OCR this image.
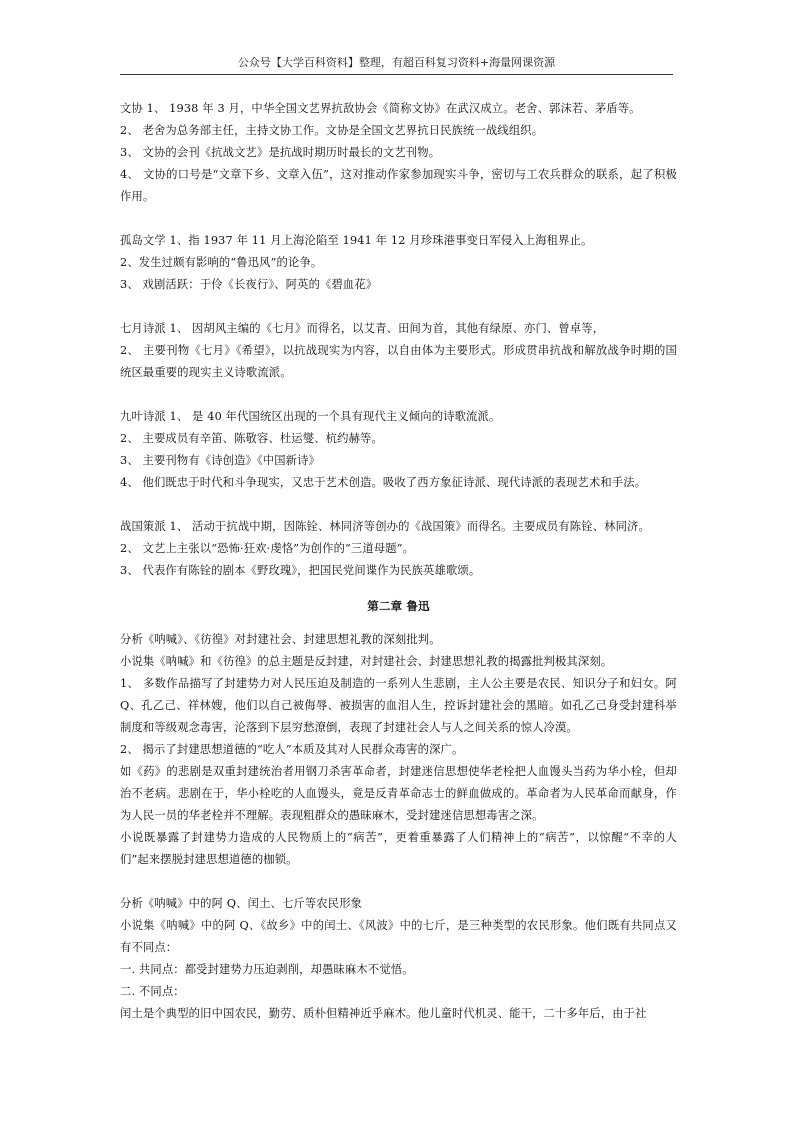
公众号【大学百科资料】整理，有超百科复习资料+海量网课资源

文协 1、 1938 年 3 月，中华全国文艺界抗敌协会《简称文协》在武汉成立。老舍、郭沫若、茅盾等。

2、 老舍为总务部主任，主持文协工作。文协是全国文艺界抗日民族统一战线组织。

3、 文协的会刊《抗战文艺》是抗战时期历时最长的文艺刊物。

4、 文协的口号是“文章下乡、文章入伍”，这对推动作家参加现实斗争，密切与工农兵群众的联系，起了积极作用。

孤岛文学 1、指 1937 年 11 月上海沦陷至 1941 年 12 月珍珠港事变日军侵入上海租界止。

2、发生过颇有影响的“鲁迅风”的论争。

3、 戏剧活跃：于伶《长夜行》、阿英的《碧血花》

七月诗派 1、 因胡风主编的《七月》而得名，以艾青、田间为首，其他有绿原、亦门、曾卓等，

2、 主要刊物《七月》《希望》，以抗战现实为内容，以自由体为主要形式。形成贯串抗战和解放战争时期的国统区最重要的现实主义诗歌流派。

九叶诗派 1、 是 40 年代国统区出现的一个具有现代主义倾向的诗歌流派。

2、 主要成员有辛笛、陈敬容、杜运燮、杭约赫等。

3、 主要刊物有《诗创造》《中国新诗》

4、 他们既忠于时代和斗争现实，又忠于艺术创造。吸收了西方象征诗派、现代诗派的表现艺术和手法。

战国策派 1、 活动于抗战中期，因陈铨、林同济等创办的《战国策》而得名。主要成员有陈铨、林同济。

2、 文艺上主张以“恐怖·狂欢·虔恪”为创作的“三道母题”。

3、 代表作有陈铨的剧本《野玫瑰》，把国民党间谍作为民族英雄歌颂。

第二章 鲁迅

分析《呐喊》、《彷徨》对封建社会、封建思想礼教的深刻批判。

小说集《呐喊》和《彷徨》的总主题是反封建，对封建社会、封建思想礼教的揭露批判极其深刻。

1、 多数作品描写了封建势力对人民压迫及制造的一系列人生悲剧，主人公主要是农民、知识分子和妇女。阿 Q、孔乙己、祥林嫂，他们以自己被侮辱、被损害的血泪人生，控诉封建社会的黑暗。如孔乙己身受封建科举制度和等级观念毒害，沦落到下层穷愁潦倒，表现了封建社会人与人之间关系的惊人冷漠。

2、 揭示了封建思想道德的“吃人”本质及其对人民群众毒害的深广。

如《药》的悲剧是双重封建统治者用钢刀杀害革命者，封建迷信思想使华老栓把人血馒头当药为华小栓，但却治不老病。悲剧在于，华小栓吃的人血馒头，竟是反青革命志士的鲜血做成的。革命者为人民革命而献身，作为人民一员的华老栓并不理解。表现粗群众的愚昧麻木，受封建迷信思想毒害之深。

小说既暴露了封建势力造成的人民物质上的“病苦”，更着重暴露了人们精神上的“病苦”，以惊醒“不幸的人们”起来摆脱封建思想道德的枷锁。

分析《呐喊》中的阿 Q、闰土、七斤等农民形象

小说集《呐喊》中的阿 Q、《故乡》中的闰土、《风波》中的七斤，是三种类型的农民形象。他们既有共同点又有不同点：

一. 共同点：都受封建势力压迫剥削，却愚昧麻木不觉悟。

二. 不同点：

闰土是个典型的旧中国农民，勤劳、质朴但精神近乎麻木。他儿童时代机灵、能干，二十多年后，由于社
